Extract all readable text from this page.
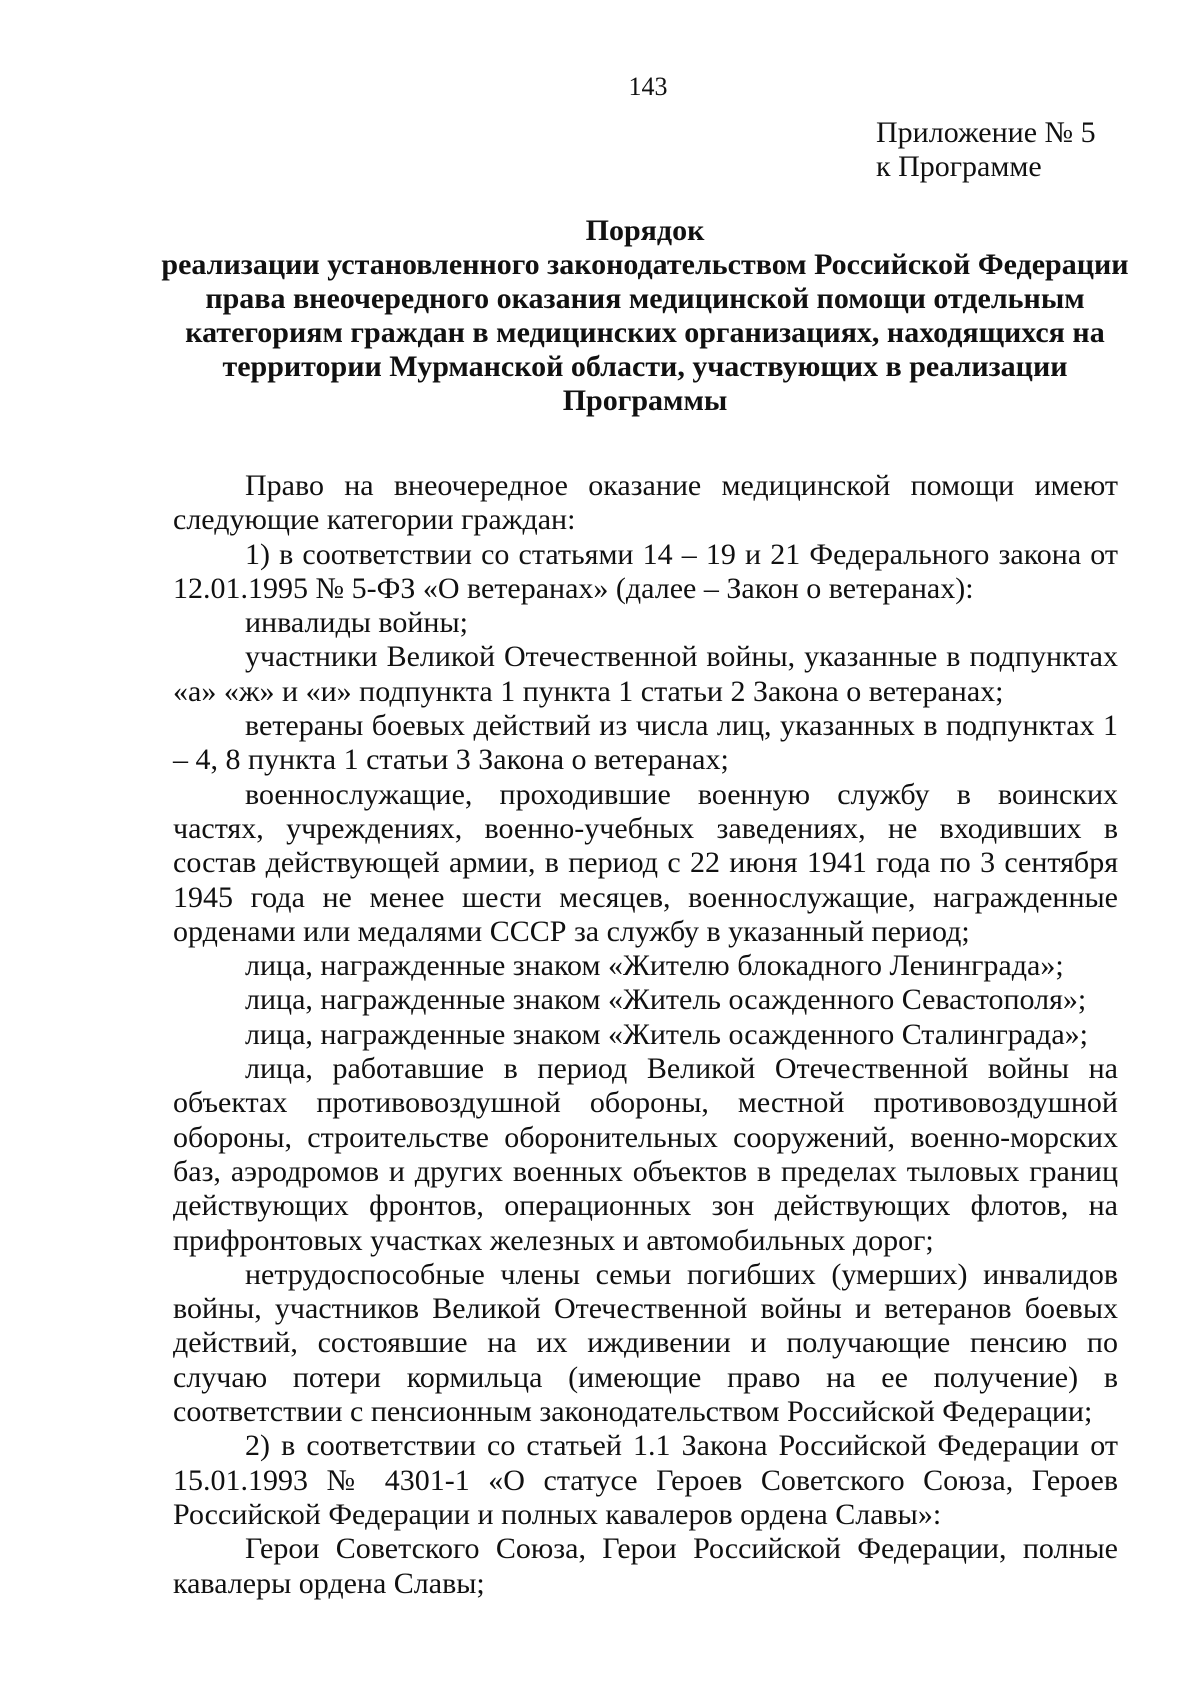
143
Приложение № 5
к Программе
Порядок
реализации установленного законодательством Российской Федерации
права внеочередного оказания медицинской помощи отдельным
категориям граждан в медицинских организациях, находящихся на
территории Мурманской области, участвующих в реализации
Программы

Право на внеочередное оказание медицинской помощи имеют следующие категории граждан:

1) в соответствии со статьями 14 – 19 и 21 Федерального закона от 12.01.1995 № 5-ФЗ «О ветеранах» (далее – Закон о ветеранах):

инвалиды войны;

участники Великой Отечественной войны, указанные в подпунктах «а» «ж» и «и» подпункта 1 пункта 1 статьи 2 Закона о ветеранах;

ветераны боевых действий из числа лиц, указанных в подпунктах 1 – 4, 8 пункта 1 статьи 3 Закона о ветеранах;

военнослужащие, проходившие военную службу в воинских частях, учреждениях, военно-учебных заведениях, не входивших в состав действующей армии, в период с 22 июня 1941 года по 3 сентября 1945 года не менее шести месяцев, военнослужащие, награжденные орденами или медалями СССР за службу в указанный период;

лица, награжденные знаком «Жителю блокадного Ленинграда»;

лица, награжденные знаком «Житель осажденного Севастополя»;

лица, награжденные знаком «Житель осажденного Сталинграда»;

лица, работавшие в период Великой Отечественной войны на объектах противовоздушной обороны, местной противовоздушной обороны, строительстве оборонительных сооружений, военно-морских баз, аэродромов и других военных объектов в пределах тыловых границ действующих фронтов, операционных зон действующих флотов, на прифронтовых участках железных и автомобильных дорог;

нетрудоспособные члены семьи погибших (умерших) инвалидов войны, участников Великой Отечественной войны и ветеранов боевых действий, состоявшие на их иждивении и получающие пенсию по случаю потери кормильца (имеющие право на ее получение) в соответствии с пенсионным законодательством Российской Федерации;

2) в соответствии со статьей 1.1 Закона Российской Федерации от 15.01.1993 № 4301-1 «О статусе Героев Советского Союза, Героев Российской Федерации и полных кавалеров ордена Славы»:

Герои Советского Союза, Герои Российской Федерации, полные кавалеры ордена Славы;
